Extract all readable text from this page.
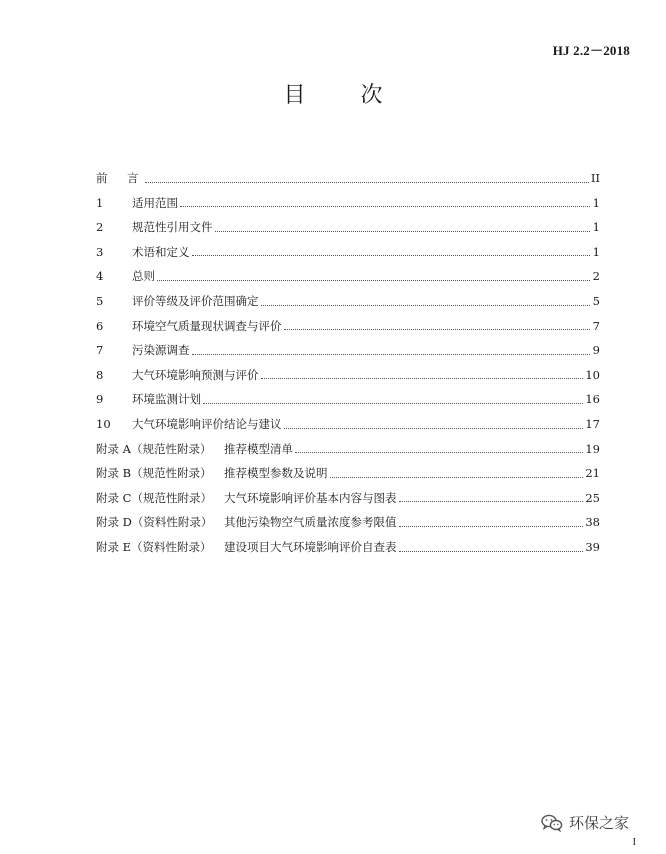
HJ 2.2－2018
目 次
前　言	II
1	适用范围	1
2	规范性引用文件	1
3	术语和定义	1
4	总则	2
5	评价等级及评价范围确定	5
6	环境空气质量现状调查与评价	7
7	污染源调查	9
8	大气环境影响预测与评价	10
9	环境监测计划	16
10	大气环境影响评价结论与建议	17
附录 A（规范性附录）	推荐模型清单	19
附录 B（规范性附录）	推荐模型参数及说明	21
附录 C（规范性附录）	大气环境影响评价基本内容与图表	25
附录 D（资料性附录）	其他污染物空气质量浓度参考限值	38
附录 E（资料性附录）	建设项目大气环境影响评价自查表	39
环保之家
I
